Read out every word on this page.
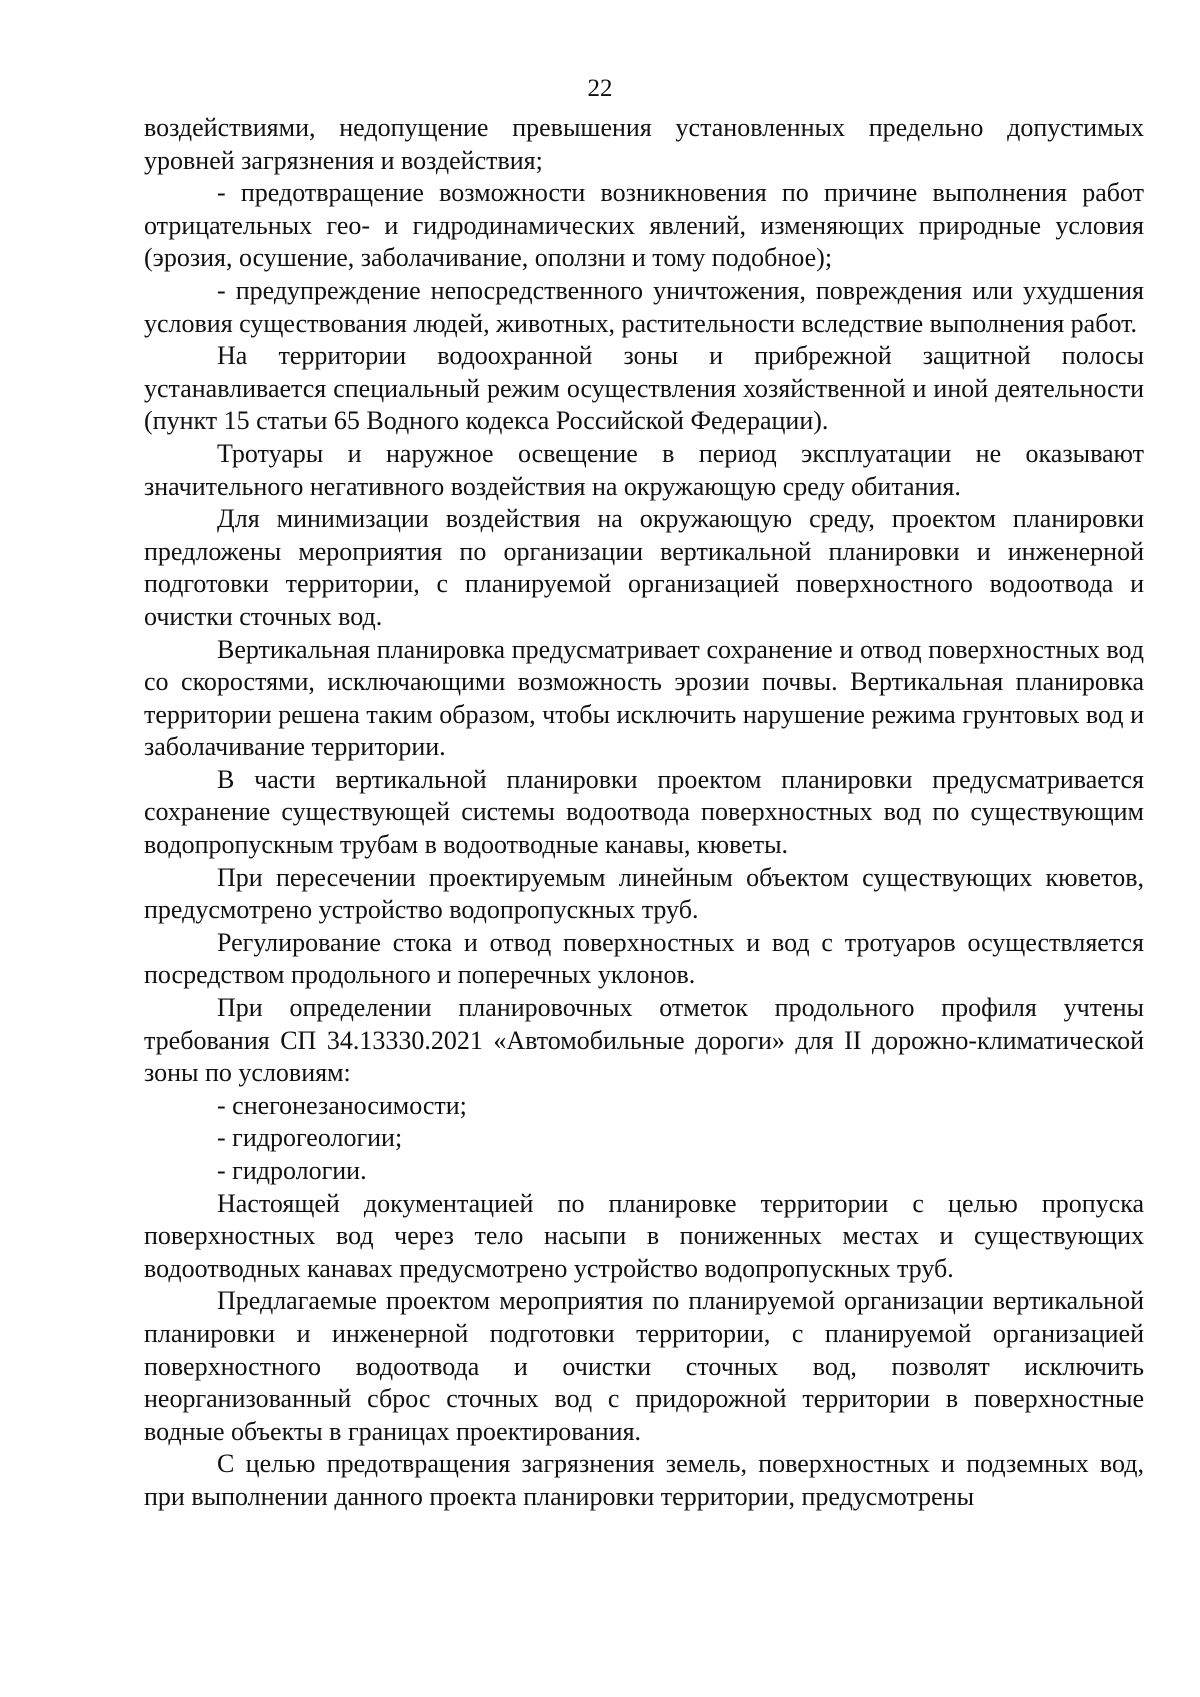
22

воздействиями, недопущение превышения установленных предельно допустимых уровней загрязнения и воздействия;

- предотвращение возможности возникновения по причине выполнения работ отрицательных гео- и гидродинамических явлений, изменяющих природные условия (эрозия, осушение, заболачивание, оползни и тому подобное);

- предупреждение непосредственного уничтожения, повреждения или ухудшения условия существования людей, животных, растительности вследствие выполнения работ.

На территории водоохранной зоны и прибрежной защитной полосы устанавливается специальный режим осуществления хозяйственной и иной деятельности (пункт 15 статьи 65 Водного кодекса Российской Федерации).

Тротуары и наружное освещение в период эксплуатации не оказывают значительного негативного воздействия на окружающую среду обитания.

Для минимизации воздействия на окружающую среду, проектом планировки предложены мероприятия по организации вертикальной планировки и инженерной подготовки территории, с планируемой организацией поверхностного водоотвода и очистки сточных вод.

Вертикальная планировка предусматривает сохранение и отвод поверхностных вод со скоростями, исключающими возможность эрозии почвы. Вертикальная планировка территории решена таким образом, чтобы исключить нарушение режима грунтовых вод и заболачивание территории.

В части вертикальной планировки проектом планировки предусматривается сохранение существующей системы водоотвода поверхностных вод по существующим водопропускным трубам в водоотводные канавы, кюветы.

При пересечении проектируемым линейным объектом существующих кюветов, предусмотрено устройство водопропускных труб.

Регулирование стока и отвод поверхностных и вод с тротуаров осуществляется посредством продольного и поперечных уклонов.

При определении планировочных отметок продольного профиля учтены требования СП 34.13330.2021 «Автомобильные дороги» для II дорожно-климатической зоны по условиям:

- снегонезаносимости;

- гидрогеологии;

- гидрологии.

Настоящей документацией по планировке территории с целью пропуска поверхностных вод через тело насыпи в пониженных местах и существующих водоотводных канавах предусмотрено устройство водопропускных труб.

Предлагаемые проектом мероприятия по планируемой организации вертикальной планировки и инженерной подготовки территории, с планируемой организацией поверхностного водоотвода и очистки сточных вод, позволят исключить неорганизованный сброс сточных вод с придорожной территории в поверхностные водные объекты в границах проектирования.

С целью предотвращения загрязнения земель, поверхностных и подземных вод, при выполнении данного проекта планировки территории, предусмотрены
